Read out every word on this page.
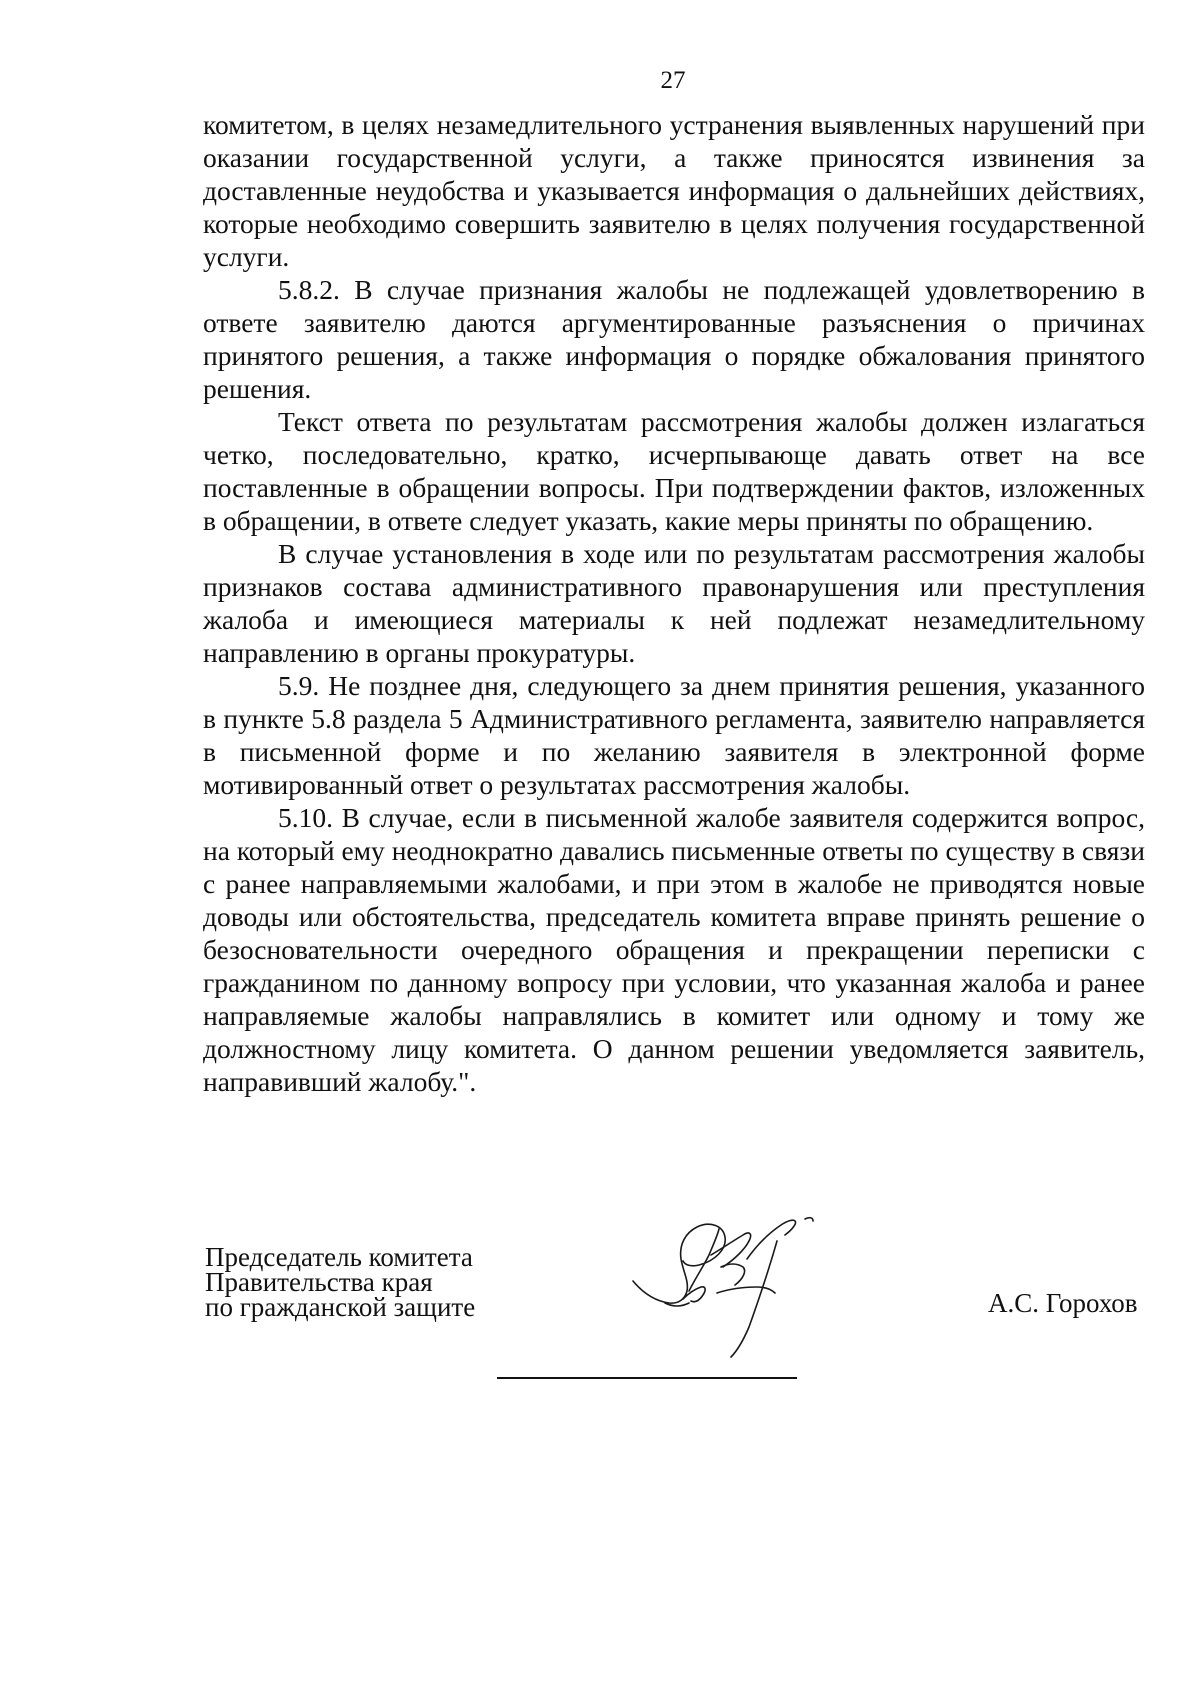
27

комитетом, в целях незамедлительного устранения выявленных нарушений при оказании государственной услуги, а также приносятся извинения за доставленные неудобства и указывается информация о дальнейших действиях, которые необходимо совершить заявителю в целях получения государственной услуги.

5.8.2. В случае признания жалобы не подлежащей удовлетворению в ответе заявителю даются аргументированные разъяснения о причинах принятого решения, а также информация о порядке обжалования принятого решения.

Текст ответа по результатам рассмотрения жалобы должен излагаться четко, последовательно, кратко, исчерпывающе давать ответ на все поставленные в обращении вопросы. При подтверждении фактов, изложенных в обращении, в ответе следует указать, какие меры приняты по обращению.

В случае установления в ходе или по результатам рассмотрения жалобы признаков состава административного правонарушения или преступления жалоба и имеющиеся материалы к ней подлежат незамедлительному направлению в органы прокуратуры.

5.9. Не позднее дня, следующего за днем принятия решения, указанного в пункте 5.8 раздела 5 Административного регламента, заявителю направляется в письменной форме и по желанию заявителя в электронной форме мотивированный ответ о результатах рассмотрения жалобы.

5.10. В случае, если в письменной жалобе заявителя содержится вопрос, на который ему неоднократно давались письменные ответы по существу в связи с ранее направляемыми жалобами, и при этом в жалобе не приводятся новые доводы или обстоятельства, председатель комитета вправе принять решение о безосновательности очередного обращения и прекращении переписки с гражданином по данному вопросу при условии, что указанная жалоба и ранее направляемые жалобы направлялись в комитет или одному и тому же должностному лицу комитета. О данном решении уведомляется заявитель, направивший жалобу.".

Председатель комитета
Правительства края
по гражданской защите	А.С. Горохов
